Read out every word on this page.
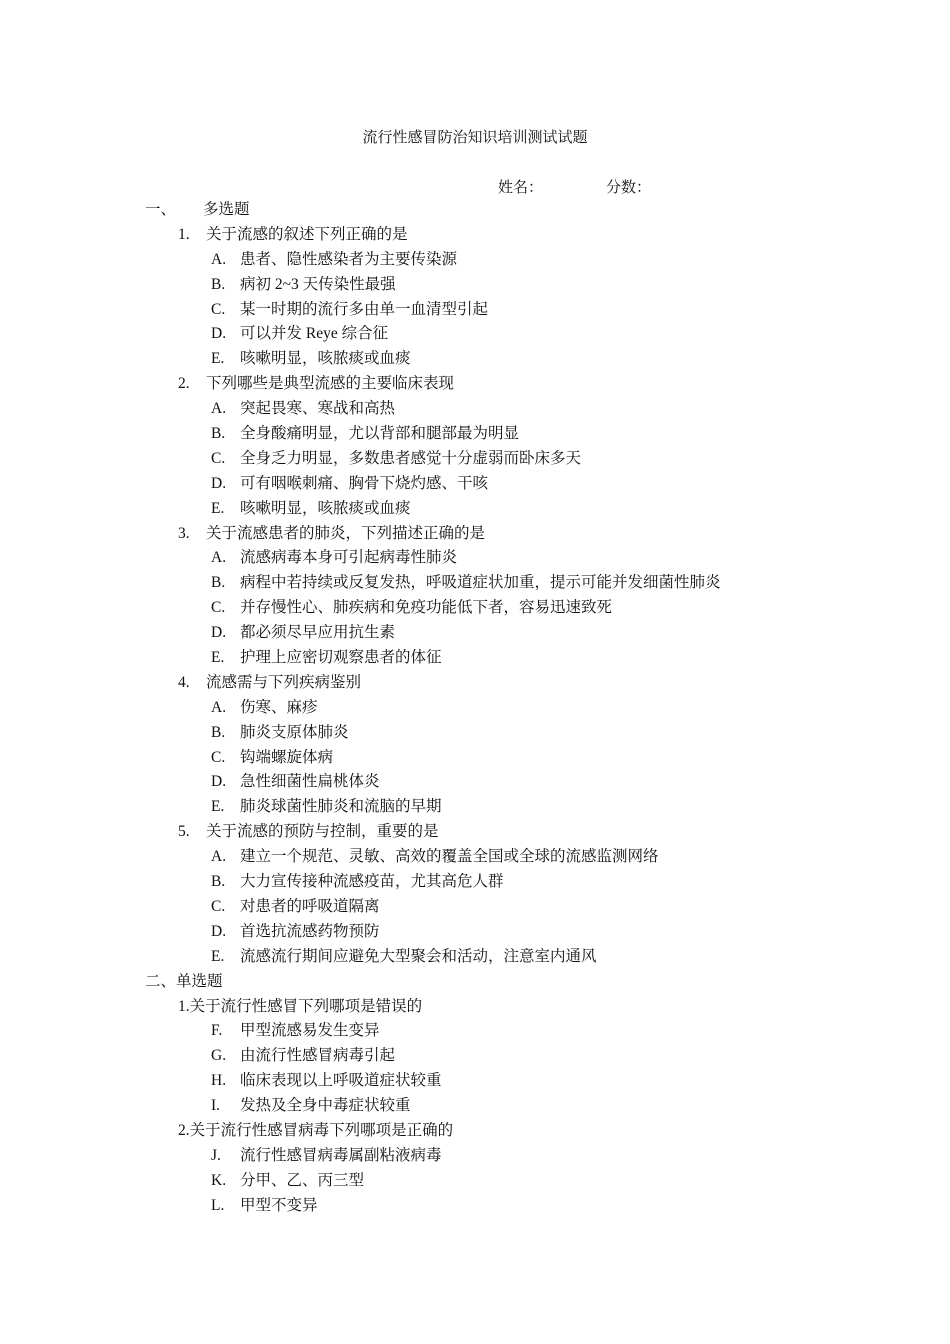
流行性感冒防治知识培训测试试题
姓名：	分数：
一、 多选题
1. 关于流感的叙述下列正确的是
A. 患者、隐性感染者为主要传染源
B. 病初 2~3 天传染性最强
C. 某一时期的流行多由单一血清型引起
D. 可以并发 Reye 综合征
E. 咳嗽明显，咳脓痰或血痰
2. 下列哪些是典型流感的主要临床表现
A. 突起畏寒、寒战和高热
B. 全身酸痛明显，尤以背部和腿部最为明显
C. 全身乏力明显，多数患者感觉十分虚弱而卧床多天
D. 可有咽喉刺痛、胸骨下烧灼感、干咳
E. 咳嗽明显，咳脓痰或血痰
3. 关于流感患者的肺炎，下列描述正确的是
A. 流感病毒本身可引起病毒性肺炎
B. 病程中若持续或反复发热，呼吸道症状加重，提示可能并发细菌性肺炎
C. 并存慢性心、肺疾病和免疫功能低下者，容易迅速致死
D. 都必须尽早应用抗生素
E. 护理上应密切观察患者的体征
4. 流感需与下列疾病鉴别
A. 伤寒、麻疹
B. 肺炎支原体肺炎
C. 钩端螺旋体病
D. 急性细菌性扁桃体炎
E. 肺炎球菌性肺炎和流脑的早期
5. 关于流感的预防与控制，重要的是
A. 建立一个规范、灵敏、高效的覆盖全国或全球的流感监测网络
B. 大力宣传接种流感疫苗，尤其高危人群
C. 对患者的呼吸道隔离
D. 首选抗流感药物预防
E. 流感流行期间应避免大型聚会和活动，注意室内通风
二、单选题
1.关于流行性感冒下列哪项是错误的
F. 甲型流感易发生变异
G. 由流行性感冒病毒引起
H. 临床表现以上呼吸道症状较重
I. 发热及全身中毒症状较重
2.关于流行性感冒病毒下列哪项是正确的
J. 流行性感冒病毒属副粘液病毒
K. 分甲、乙、丙三型
L. 甲型不变异
